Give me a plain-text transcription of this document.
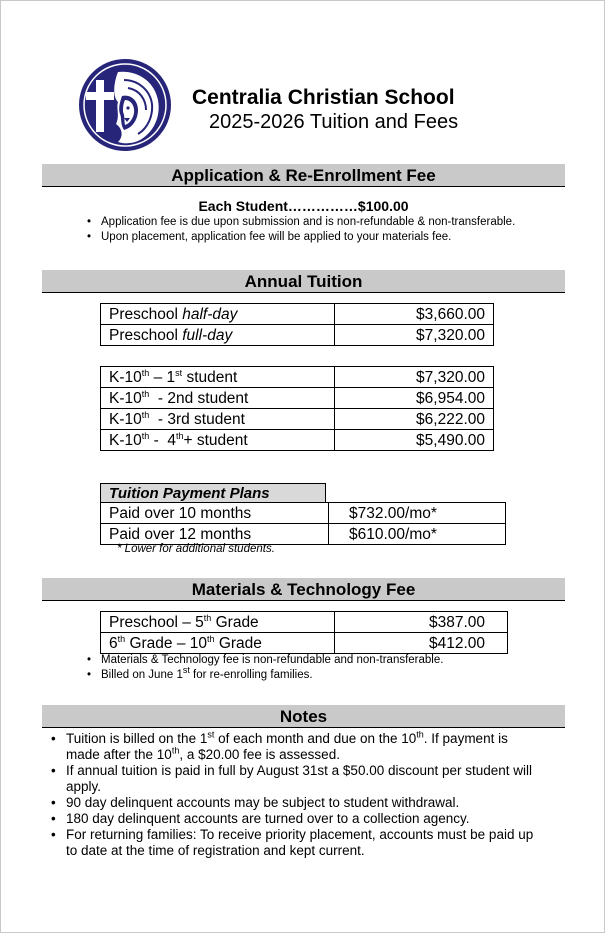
Centralia Christian School
2025-2026 Tuition and Fees
Application & Re-Enrollment Fee
Each Student……………$100.00
• Application fee is due upon submission and is non-refundable & non-transferable.
• Upon placement, application fee will be applied to your materials fee.
Annual Tuition
Preschool half-day	$3,660.00
Preschool full-day	$7,320.00
K-10th – 1st student	$7,320.00
K-10th  - 2nd student	$6,954.00
K-10th  - 3rd student	$6,222.00
K-10th -  4th+ student	$5,490.00
Tuition Payment Plans
Paid over 10 months	$732.00/mo*
Paid over 12 months	$610.00/mo*
* Lower for additional students.
Materials & Technology Fee
Preschool – 5th Grade	$387.00
6th Grade – 10th Grade	$412.00
• Materials & Technology fee is non-refundable and non-transferable.
• Billed on June 1st for re-enrolling families.
Notes
• Tuition is billed on the 1st of each month and due on the 10th. If payment is made after the 10th, a $20.00 fee is assessed.
• If annual tuition is paid in full by August 31st a $50.00 discount per student will apply.
• 90 day delinquent accounts may be subject to student withdrawal.
• 180 day delinquent accounts are turned over to a collection agency.
• For returning families: To receive priority placement, accounts must be paid up to date at the time of registration and kept current.
